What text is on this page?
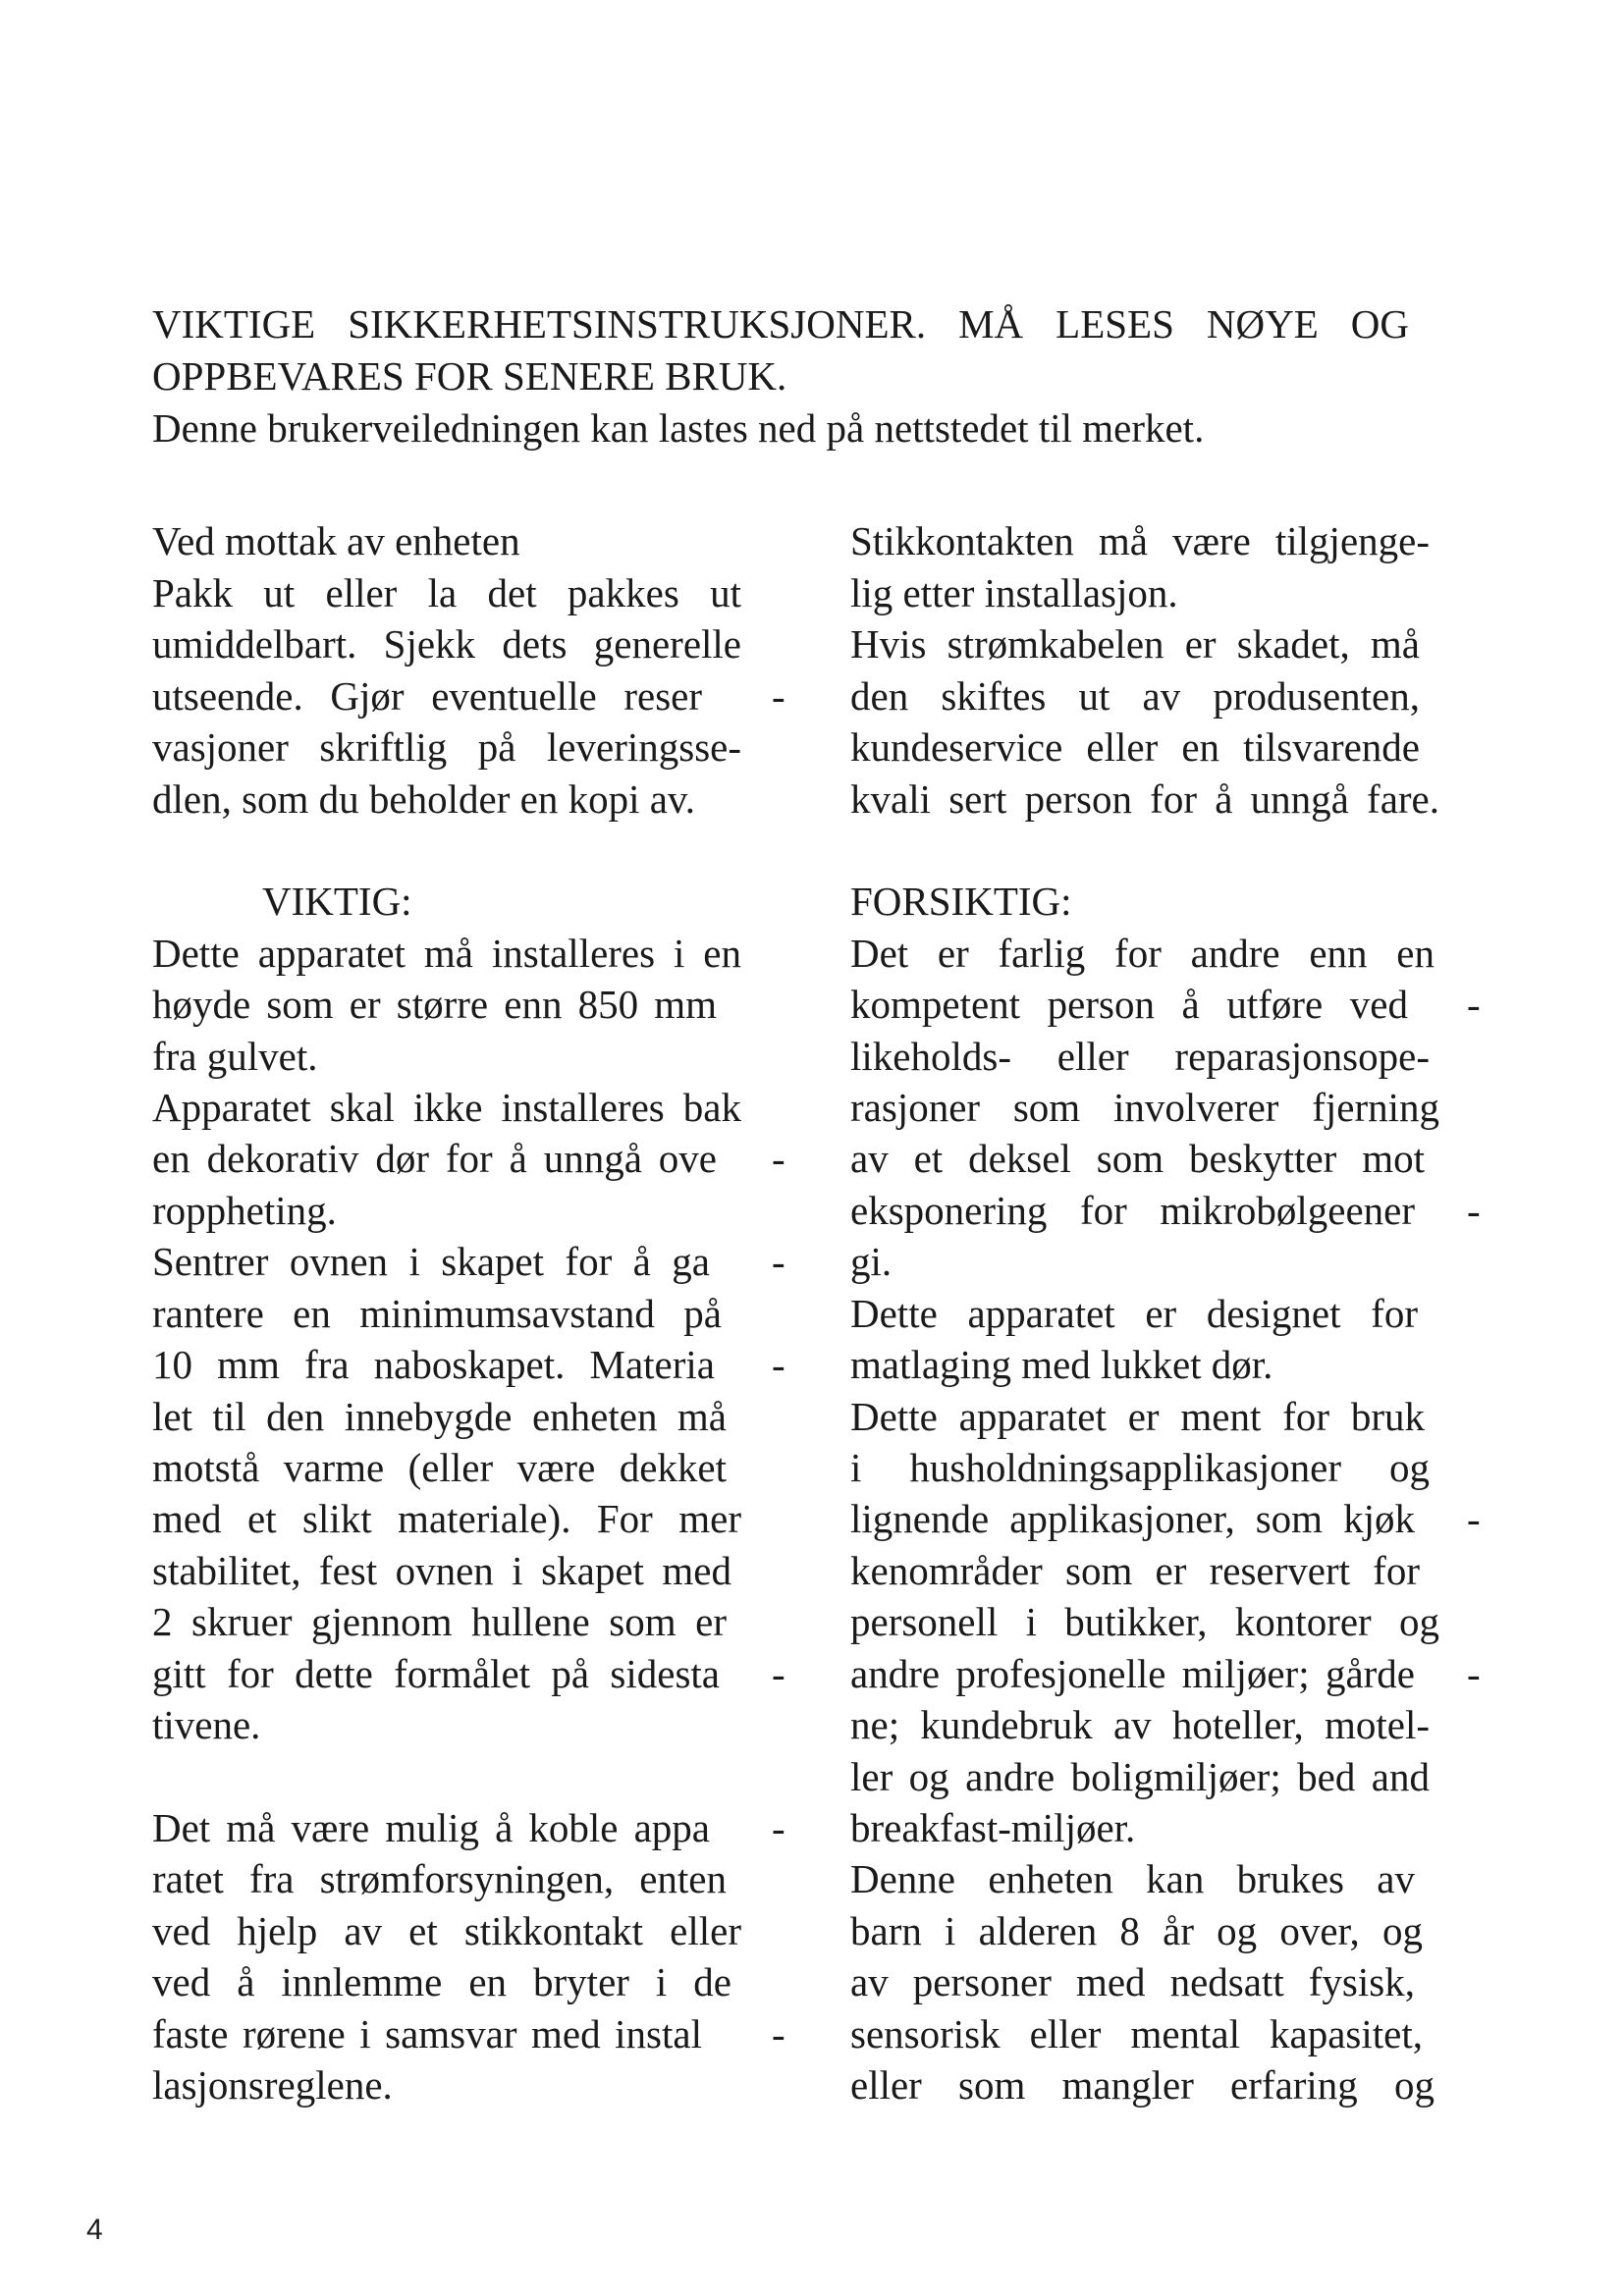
VIKTIGE SIKKERHETSINSTRUKSJONER. MÅ LESES NØYE OG

OPPBEVARES FOR SENERE BRUK.

Denne brukerveiledningen kan lastes ned på nettstedet til merket.

Ved mottak av enheten

Pakk ut eller la det pakkes ut

umiddelbart. Sjekk dets generelle

utseende. Gjør eventuelle reser

vasjoner skriftlig på leveringsse-

dlen, som du beholder en kopi av.

VIKTIG:

Dette apparatet må installeres i en

høyde som er større enn 850 mm

fra gulvet.

Apparatet skal ikke installeres bak

en dekorativ dør for å unngå ove

roppheting.

Sentrer ovnen i skapet for å ga

rantere en minimumsavstand på

10 mm fra naboskapet. Materia

let til den innebygde enheten må

motstå varme (eller være dekket

med et slikt materiale). For mer

stabilitet, fest ovnen i skapet med

2 skruer gjennom hullene som er

gitt for dette formålet på sidesta

tivene.

Det må være mulig å koble appa

ratet fra strømforsyningen, enten

ved hjelp av et stikkontakt eller

ved å innlemme en bryter i de

faste rørene i samsvar med instal

lasjonsreglene.

-
-
-
-
-
-
-

Stikkontakten må være tilgjenge-

lig etter installasjon.

Hvis strømkabelen er skadet, må

den skiftes ut av produsenten,

kundeservice eller en tilsvarende

kvali sert person for å unngå fare.

FORSIKTIG:

Det er farlig for andre enn en

kompetent person å utføre ved

likeholds- eller reparasjonsope-

rasjoner som involverer fjerning

av et deksel som beskytter mot

eksponering for mikrobølgeener

gi.

Dette apparatet er designet for

matlaging med lukket dør.

Dette apparatet er ment for bruk

i husholdningsapplikasjoner og

lignende applikasjoner, som kjøk

kenområder som er reservert for

personell i butikker, kontorer og

andre profesjonelle miljøer; gårde

ne; kundebruk av hoteller, motel-

ler og andre boligmiljøer; bed and

breakfast-miljøer.

Denne enheten kan brukes av

barn i alderen 8 år og over, og

av personer med nedsatt fysisk,

sensorisk eller mental kapasitet,

eller som mangler erfaring og

-
-
-
-
4
